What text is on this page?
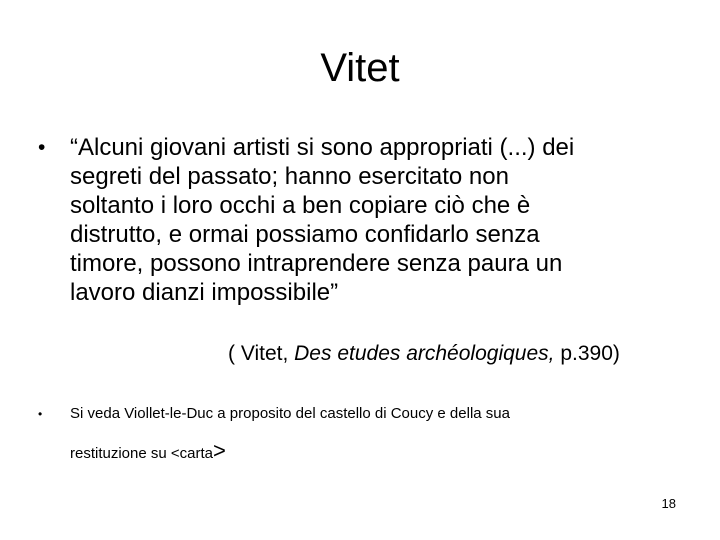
Vitet
• “Alcuni giovani artisti si sono appropriati (...) dei
segreti del passato; hanno esercitato non
soltanto i loro occhi a ben copiare ciò che è
distrutto, e ormai possiamo confidarlo senza
timore, possono intraprendere senza paura un
lavoro dianzi impossibile”
( Vitet, Des etudes archéologiques, p.390)
• Si veda Viollet-le-Duc a proposito del castello di Coucy e della sua
restituzione su <carta>
18
